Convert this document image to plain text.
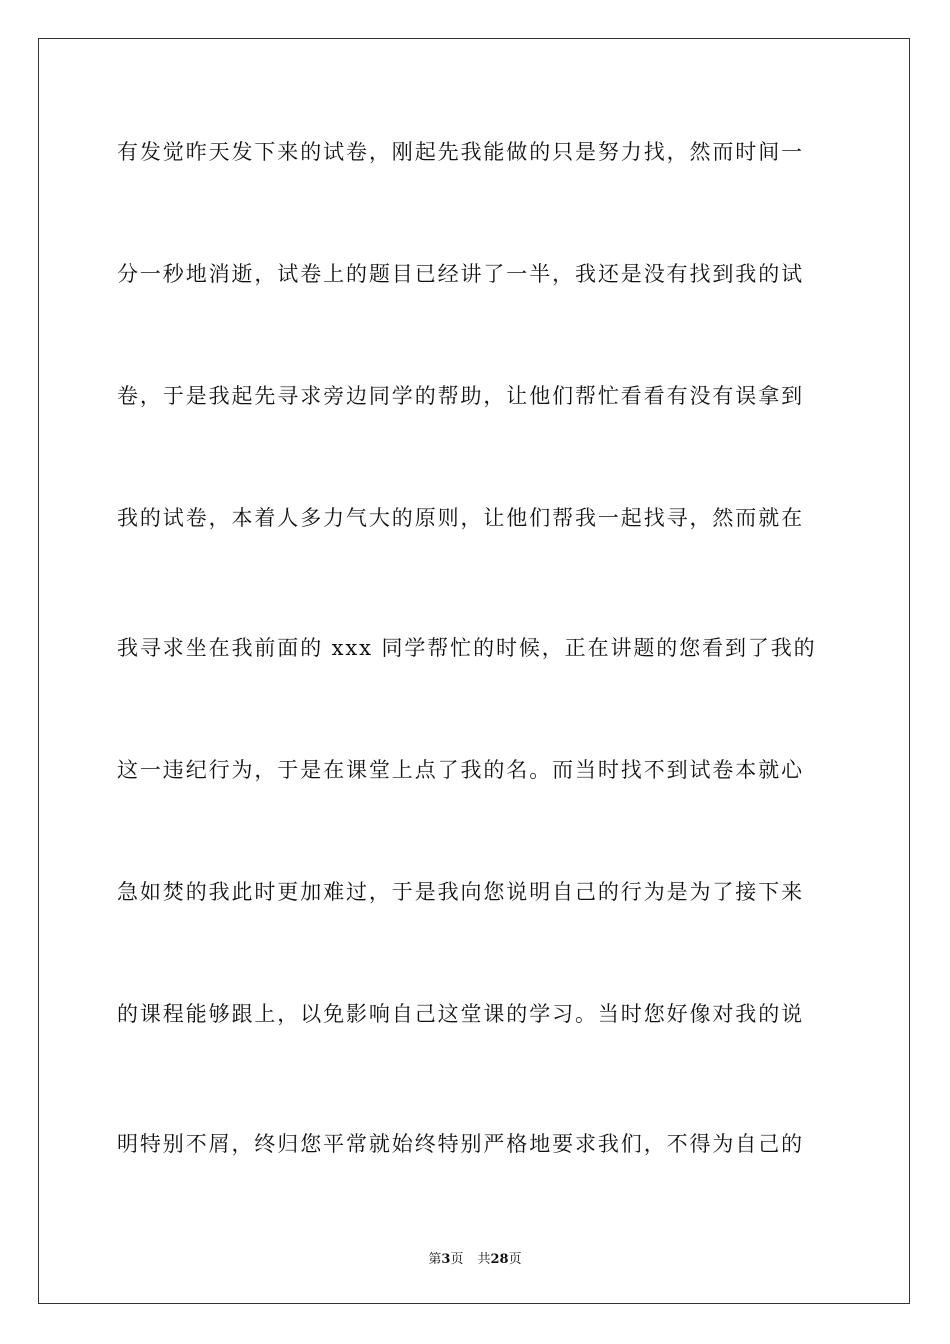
有发觉昨天发下来的试卷，刚起先我能做的只是努力找，然而时间一
分一秒地消逝，试卷上的题目已经讲了一半，我还是没有找到我的试
卷，于是我起先寻求旁边同学的帮助，让他们帮忙看看有没有误拿到
我的试卷，本着人多力气大的原则，让他们帮我一起找寻，然而就在
我寻求坐在我前面的 xxx 同学帮忙的时候，正在讲题的您看到了我的
这一违纪行为，于是在课堂上点了我的名。而当时找不到试卷本就心
急如焚的我此时更加难过，于是我向您说明自己的行为是为了接下来
的课程能够跟上，以免影响自己这堂课的学习。当时您好像对我的说
明特别不屑，终归您平常就始终特别严格地要求我们，不得为自己的
第3页 共28页
